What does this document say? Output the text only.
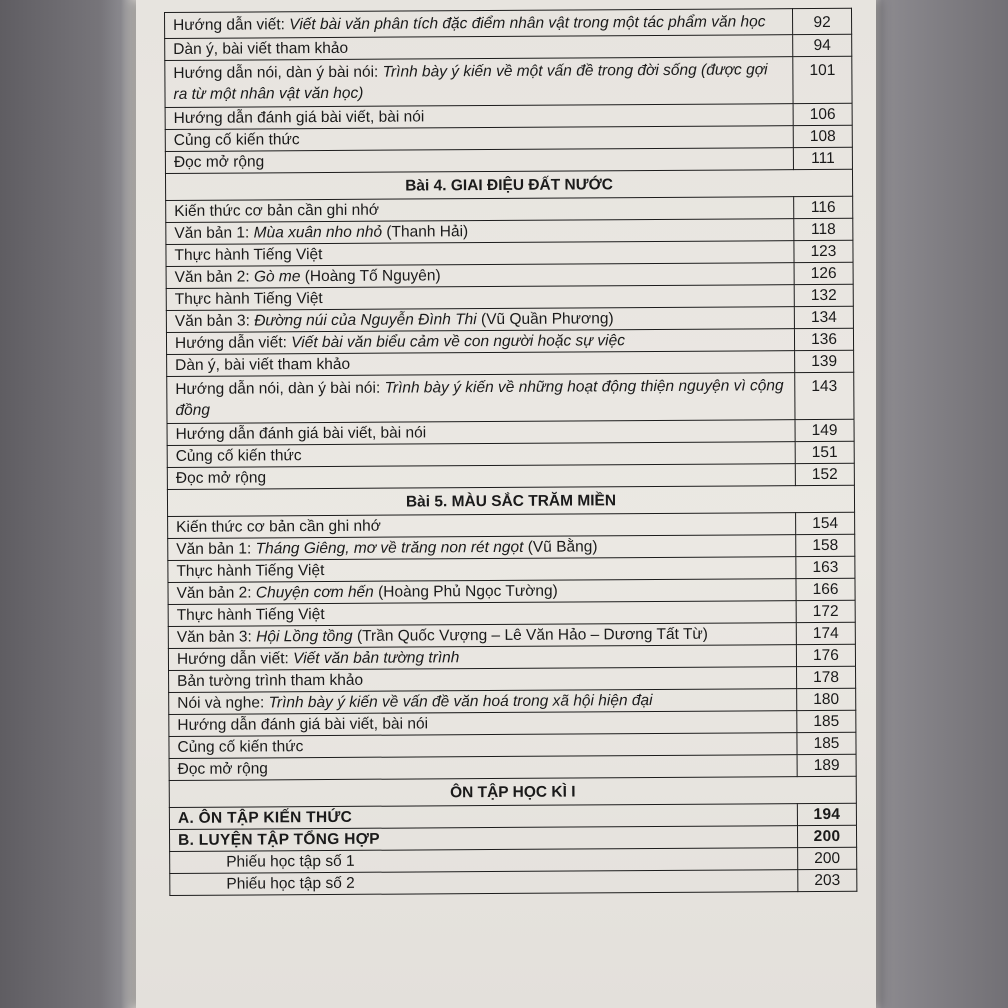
Hướng dẫn viết: Viết bài văn phân tích đặc điểm nhân vật trong một tác phẩm văn học	92
Dàn ý, bài viết tham khảo	94
Hướng dẫn nói, dàn ý bài nói: Trình bày ý kiến về một vấn đề trong đời sống (được gợi ra từ một nhân vật văn học)	101
Hướng dẫn đánh giá bài viết, bài nói	106
Củng cố kiến thức	108
Đọc mở rộng	111
Bài 4. GIAI ĐIỆU ĐẤT NƯỚC	
Kiến thức cơ bản cần ghi nhớ	116
Văn bản 1: Mùa xuân nho nhỏ (Thanh Hải)	118
Thực hành Tiếng Việt	123
Văn bản 2: Gò me (Hoàng Tố Nguyên)	126
Thực hành Tiếng Việt	132
Văn bản 3: Đường núi của Nguyễn Đình Thi (Vũ Quần Phương)	134
Hướng dẫn viết: Viết bài văn biểu cảm về con người hoặc sự việc	136
Dàn ý, bài viết tham khảo	139
Hướng dẫn nói, dàn ý bài nói: Trình bày ý kiến về những hoạt động thiện nguyện vì cộng đồng	143
Hướng dẫn đánh giá bài viết, bài nói	149
Củng cố kiến thức	151
Đọc mở rộng	152
Bài 5. MÀU SẮC TRĂM MIỀN	
Kiến thức cơ bản cần ghi nhớ	154
Văn bản 1: Tháng Giêng, mơ về trăng non rét ngọt (Vũ Bằng)	158
Thực hành Tiếng Việt	163
Văn bản 2: Chuyện cơm hến (Hoàng Phủ Ngọc Tường)	166
Thực hành Tiếng Việt	172
Văn bản 3: Hội Lồng tồng (Trần Quốc Vượng – Lê Văn Hảo – Dương Tất Từ)	174
Hướng dẫn viết: Viết văn bản tường trình	176
Bản tường trình tham khảo	178
Nói và nghe: Trình bày ý kiến về vấn đề văn hoá trong xã hội hiện đại	180
Hướng dẫn đánh giá bài viết, bài nói	185
Củng cố kiến thức	185
Đọc mở rộng	189
ÔN TẬP HỌC KÌ I	
A. ÔN TẬP KIẾN THỨC	194
B. LUYỆN TẬP TỔNG HỢP	200
Phiếu học tập số 1	200
Phiếu học tập số 2	203
